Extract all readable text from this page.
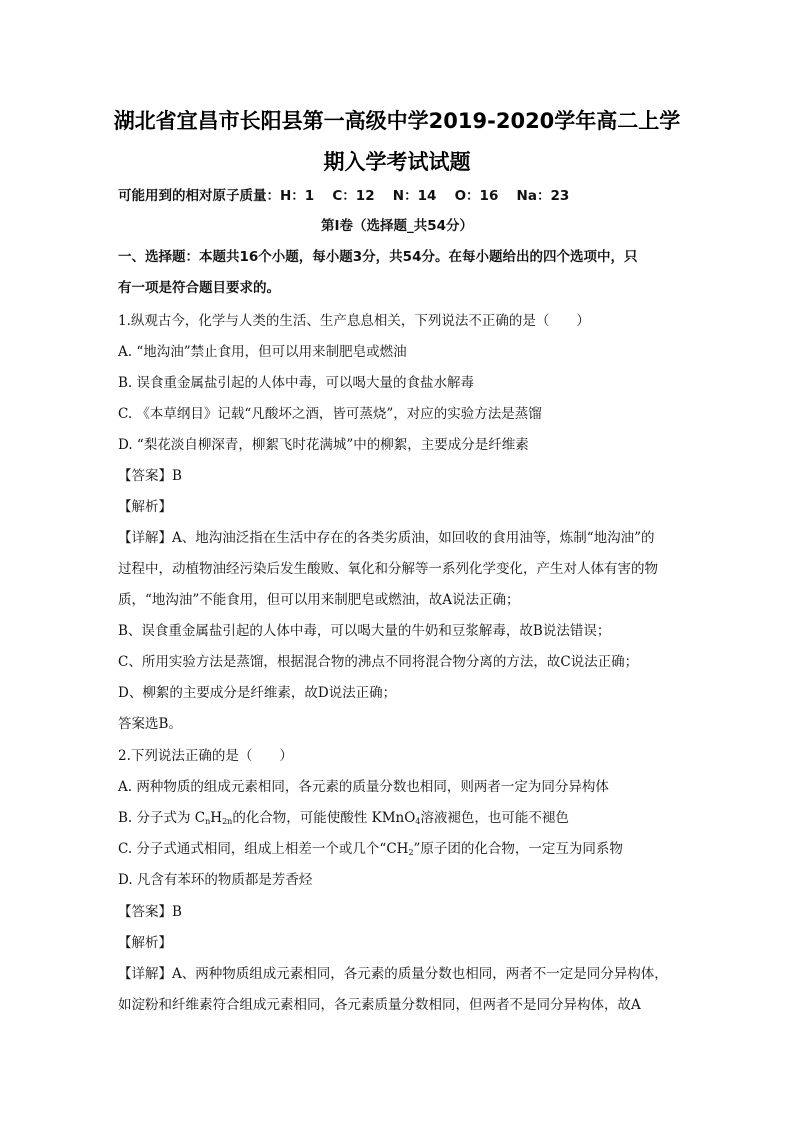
湖北省宜昌市长阳县第一高级中学2019-2020学年高二上学
期入学考试试题
可能用到的相对原子质量：H：1　 C：12　 N：14　 O：16　 Na：23
第Ⅰ卷（选择题_共54分）
一、选择题：本题共16个小题，每小题3分，共54分。在每小题给出的四个选项中，只
有一项是符合题目要求的。
1.纵观古今，化学与人类的生活、生产息息相关，下列说法不正确的是（　　）
A. “地沟油”禁止食用，但可以用来制肥皂或燃油
B. 误食重金属盐引起的人体中毒，可以喝大量的食盐水解毒
C. 《本草纲目》记载“凡酸坏之酒，皆可蒸烧”，对应的实验方法是蒸馏
D. “梨花淡自柳深青，柳絮飞时花满城”中的柳絮，主要成分是纤维素
【答案】B
【解析】
【详解】A、地沟油泛指在生活中存在的各类劣质油，如回收的食用油等，炼制“地沟油”的
过程中，动植物油经污染后发生酸败、氧化和分解等一系列化学变化，产生对人体有害的物
质，“地沟油”不能食用，但可以用来制肥皂或燃油，故A说法正确；
B、误食重金属盐引起的人体中毒，可以喝大量的牛奶和豆浆解毒，故B说法错误；
C、所用实验方法是蒸馏，根据混合物的沸点不同将混合物分离的方法，故C说法正确；
D、柳絮的主要成分是纤维素，故D说法正确；
答案选B。
2.下列说法正确的是（　　）
A. 两种物质的组成元素相同，各元素的质量分数也相同，则两者一定为同分异构体
B. 分子式为 $C_nH_{2n}$的化合物，可能使酸性 KMnO$_4$溶液褪色，也可能不褪色
C. 分子式通式相同，组成上相差一个或几个“$CH_2$”原子团的化合物，一定互为同系物
D. 凡含有苯环的物质都是芳香烃
【答案】B
【解析】
【详解】A、两种物质组成元素相同，各元素的质量分数也相同，两者不一定是同分异构体，
如淀粉和纤维素符合组成元素相同，各元素质量分数相同，但两者不是同分异构体，故A
